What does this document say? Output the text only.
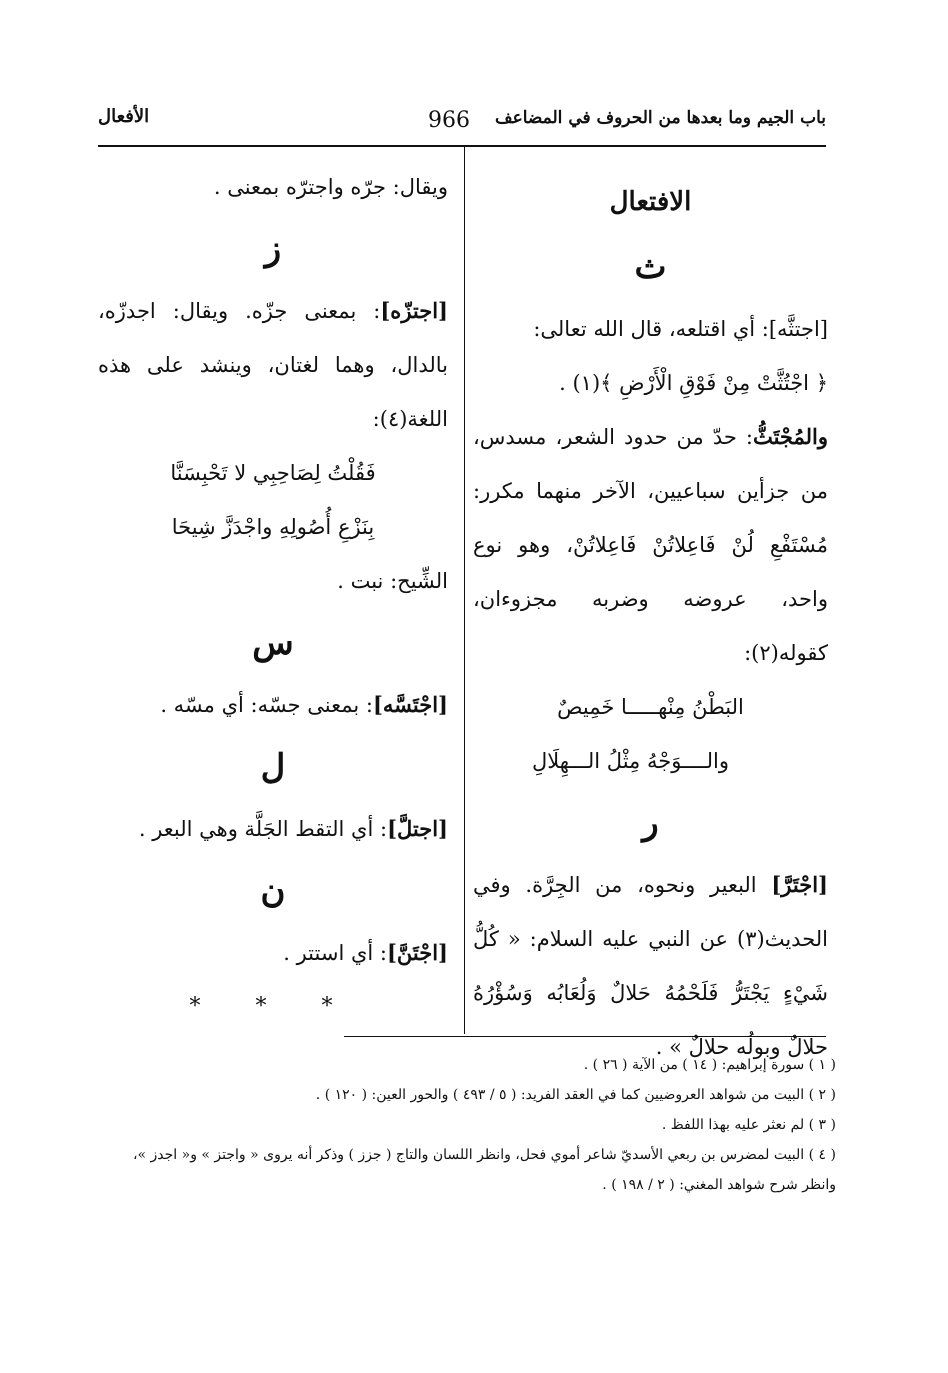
باب الجيم وما بعدها من الحروف في المضاعف
966
الأفعال

الافتعال

ث

[اجتثَّه]: أي اقتلعه، قال الله تعالى:

﴿ اجْتُثَّتْ مِنْ فَوْقِ الْأَرْضِ ﴾(١) .

والمُجْتَثُّ: حدّ من حدود الشعر، مسدس، من جزأين سباعيين، الآخر منهما مكرر: مُسْتَفْعِ لُنْ فَاعِلاتُنْ فَاعِلاتُنْ، وهو نوع واحد، عروضه وضربه مجزوءان، كقوله(٢):

البَطْنُ مِنْهـــــا خَمِيصٌ

والــــوَجْهُ مِثْلُ الـــهِلَالِ

ر

[اجْتَرَّ] البعير ونحوه، من الجِرَّة. وفي الحديث(٣) عن النبي عليه السلام: « كُلُّ شَيْءٍ يَجْتَرُّ فَلَحْمُهُ حَلالٌ وَلُعَابُه وَسُؤْرُهُ حلالٌ وبولُه حلالٌ » .

ويقال: جرّه واجترّه بمعنى .

ز

[اجتزّه]: بمعنى جزّه. ويقال: اجدزّه، بالدال، وهما لغتان، وينشد على هذه اللغة(٤):

فَقُلْتُ لِصَاحِبِي لا تَحْبِسَنَّا

بِنَزْعِ أُصُولِهِ واجْدَزَّ شِيحَا

الشِّيح: نبت .

س

[اجْتَسَّه]: بمعنى جسّه: أي مسّه .

ل

[اجتلَّ]: أي التقط الجَلَّة وهي البعر .

ن

[اجْتَنَّ]: أي استتر .

* * *

( ١ ) سورة إبراهيم: ( ١٤ ) من الآية ( ٢٦ ) .
( ٢ ) البيت من شواهد العروضيين كما في العقد الفريد: ( ٥ / ٤٩٣ ) والحور العين: ( ١٢٠ ) .
( ٣ ) لم نعثر عليه بهذا اللفظ .
( ٤ ) البيت لمضرس بن ربعي الأسديّ شاعر أموي فحل، وانظر اللسان والتاج ( جزز ) وذكر أنه يروى « واجتز » و« اجدز »، وانظر شرح شواهد المغني: ( ٢ / ١٩٨ ) .
